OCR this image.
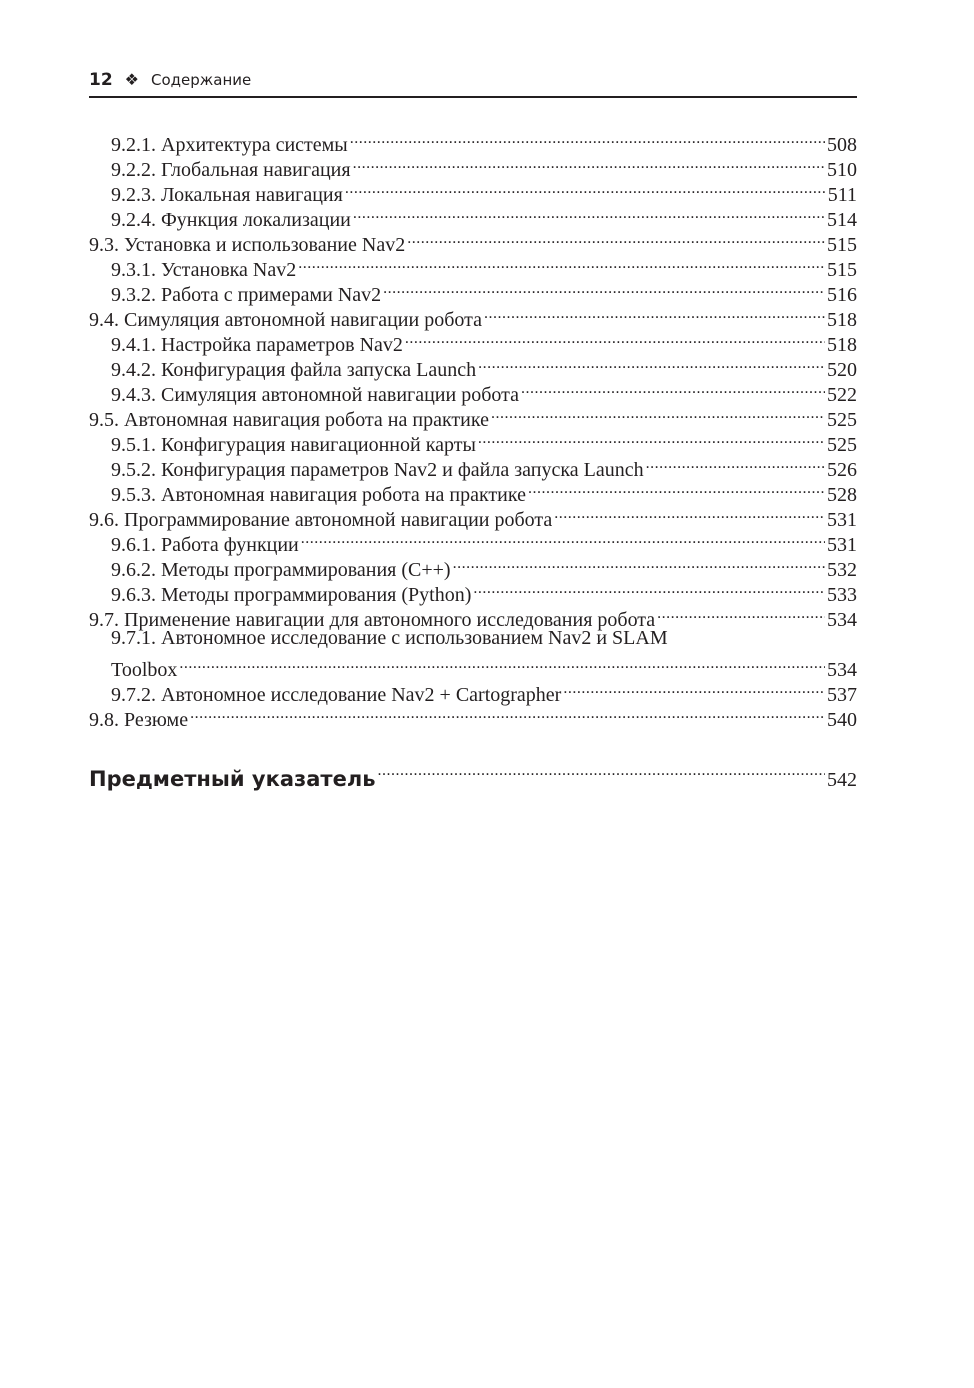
12 ❖ Содержание
9.2.1. Архитектура системы .....	508
9.2.2. Глобальная навигация .....	510
9.2.3. Локальная навигация .....	511
9.2.4. Функция локализации .....	514
9.3. Установка и использование Nav2 .....	515
9.3.1. Установка Nav2 .....	515
9.3.2. Работа с примерами Nav2 .....	516
9.4. Симуляция автономной навигации робота .....	518
9.4.1. Настройка параметров Nav2 .....	518
9.4.2. Конфигурация файла запуска Launch .....	520
9.4.3. Симуляция автономной навигации робота .....	522
9.5. Автономная навигация робота на практике .....	525
9.5.1. Конфигурация навигационной карты .....	525
9.5.2. Конфигурация параметров Nav2 и файла запуска Launch .....	526
9.5.3. Автономная навигация робота на практике .....	528
9.6. Программирование автономной навигации робота .....	531
9.6.1. Работа функции .....	531
9.6.2. Методы программирования (C++) .....	532
9.6.3. Методы программирования (Python) .....	533
9.7. Применение навигации для автономного исследования робота .....	534
9.7.1. Автономное исследование с использованием Nav2 и SLAM
Toolbox .....	534
9.7.2. Автономное исследование Nav2 + Cartographer .....	537
9.8. Резюме .....	540
Предметный указатель .....	542
